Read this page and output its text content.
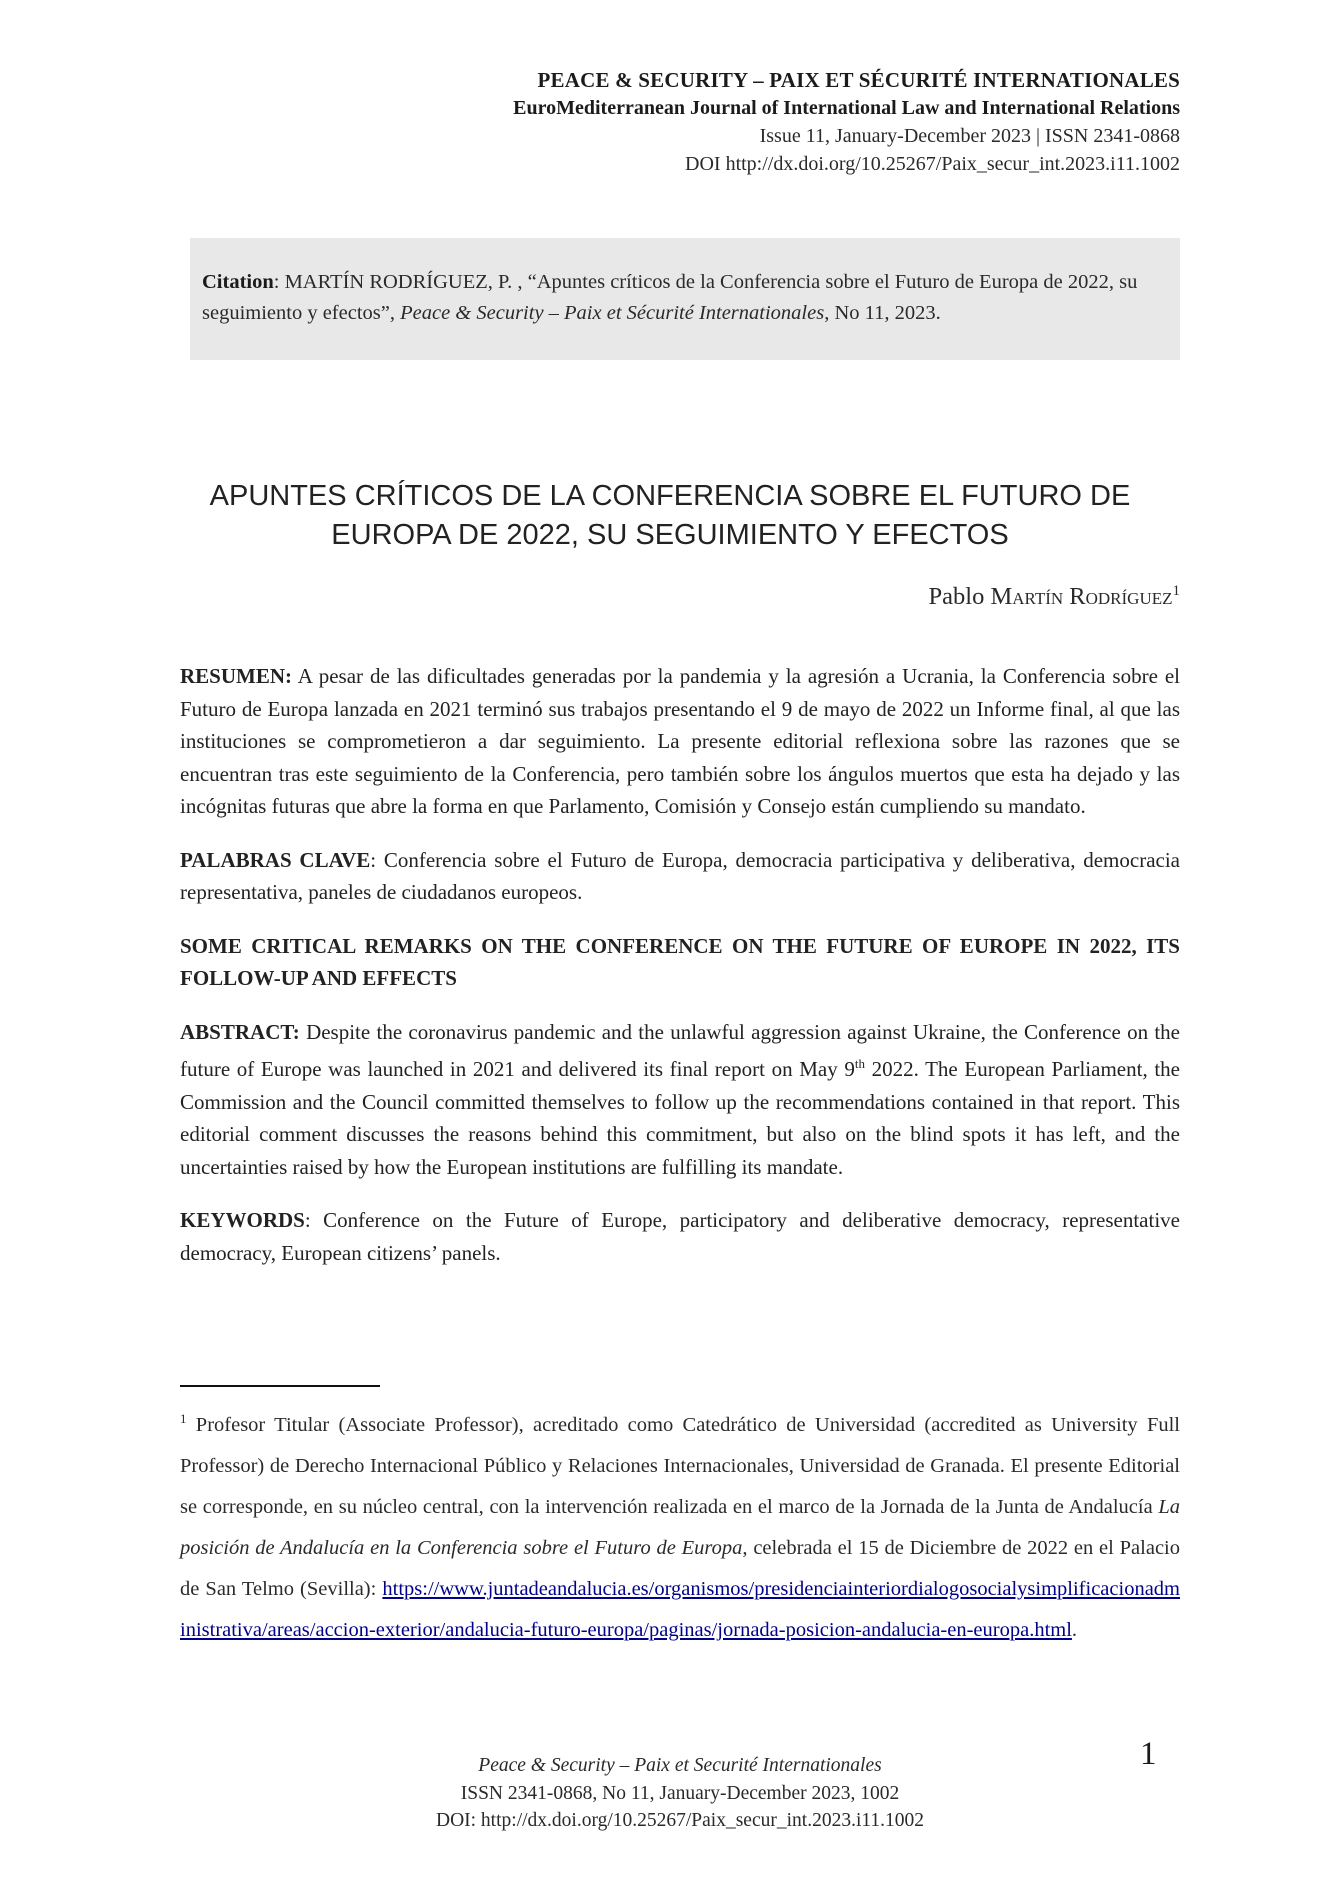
PEACE & SECURITY – PAIX ET SÉCURITÉ INTERNATIONALES
EuroMediterranean Journal of International Law and International Relations
Issue 11, January-December 2023 | ISSN 2341-0868
DOI http://dx.doi.org/10.25267/Paix_secur_int.2023.i11.1002
Citation: MARTÍN RODRÍGUEZ, P. , “Apuntes críticos de la Conferencia sobre el Futuro de Europa de 2022, su seguimiento y efectos”, Peace & Security – Paix et Sécurité Internationales, No 11, 2023.
APUNTES CRÍTICOS DE LA CONFERENCIA SOBRE EL FUTURO DE EUROPA DE 2022, SU SEGUIMIENTO Y EFECTOS
Pablo Martín Rodríguez$^1$

RESUMEN: A pesar de las dificultades generadas por la pandemia y la agresión a Ucrania, la Conferencia sobre el Futuro de Europa lanzada en 2021 terminó sus trabajos presentando el 9 de mayo de 2022 un Informe final, al que las instituciones se comprometieron a dar seguimiento. La presente editorial reflexiona sobre las razones que se encuentran tras este seguimiento de la Conferencia, pero también sobre los ángulos muertos que esta ha dejado y las incógnitas futuras que abre la forma en que Parlamento, Comisión y Consejo están cumpliendo su mandato.

PALABRAS CLAVE: Conferencia sobre el Futuro de Europa, democracia participativa y deliberativa, democracia representativa, paneles de ciudadanos europeos.

SOME CRITICAL REMARKS ON THE CONFERENCE ON THE FUTURE OF EUROPE IN 2022, ITS FOLLOW-UP AND EFFECTS

ABSTRACT: Despite the coronavirus pandemic and the unlawful aggression against Ukraine, the Conference on the future of Europe was launched in 2021 and delivered its final report on May 9th 2022. The European Parliament, the Commission and the Council committed themselves to follow up the recommendations contained in that report. This editorial comment discusses the reasons behind this commitment, but also on the blind spots it has left, and the uncertainties raised by how the European institutions are fulfilling its mandate.

KEYWORDS: Conference on the Future of Europe, participatory and deliberative democracy, representative democracy, European citizens’ panels.

$^1$ Profesor Titular (Associate Professor), acreditado como Catedrático de Universidad (accredited as University Full Professor) de Derecho Internacional Público y Relaciones Internacionales, Universidad de Granada. El presente Editorial se corresponde, en su núcleo central, con la intervención realizada en el marco de la Jornada de la Junta de Andalucía La posición de Andalucía en la Conferencia sobre el Futuro de Europa, celebrada el 15 de Diciembre de 2022 en el Palacio de San Telmo (Sevilla): https://www.juntadeandalucia.es/organismos/presidenciainteriordialogosocialysimplificacionadministrativa/areas/accion-exterior/andalucia-futuro-europa/paginas/jornada-posicion-andalucia-en-europa.html.
Peace & Security – Paix et Securité Internationales
ISSN 2341-0868, No 11, January-December 2023, 1002
DOI: http://dx.doi.org/10.25267/Paix_secur_int.2023.i11.1002
1
